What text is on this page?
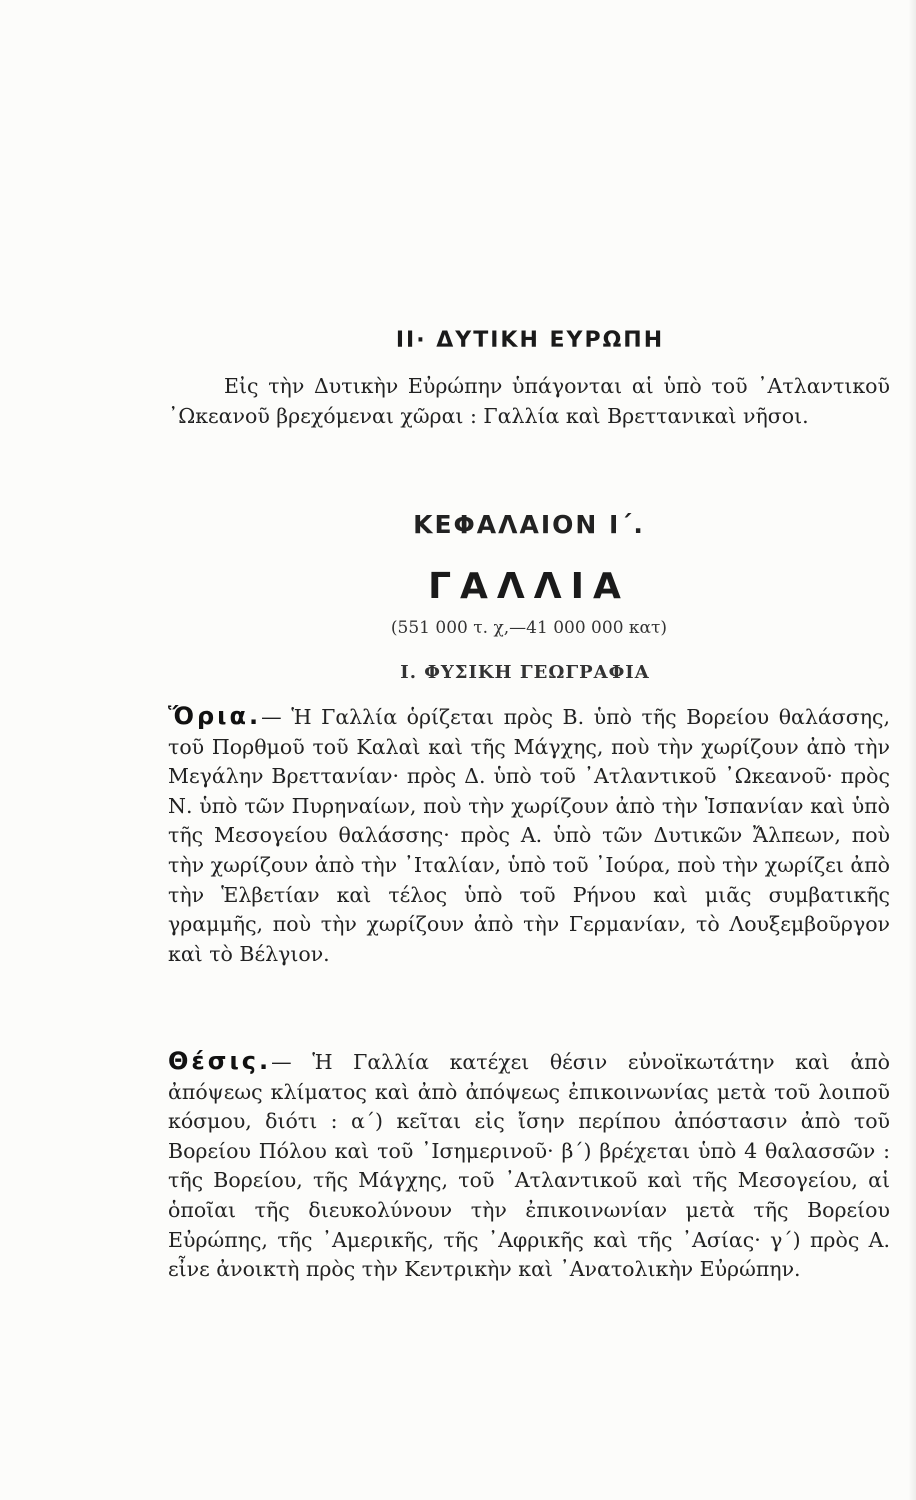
ΙΙ· ΔΥΤΙΚΗ ΕΥΡΩΠΗ

Εἰς τὴν Δυτικὴν Εὐρώπην ὑπάγονται αἱ ὑπὸ τοῦ ᾿Ατλαντικοῦ ᾿Ωκεανοῦ βρεχόμεναι χῶραι : Γαλλία καὶ Βρεττανικαὶ νῆσοι.

ΚΕΦΑΛΑΙΟΝ Ι΄.
ΓΑΛΛΙΑ

(551 000 τ. χ,—41 000 000 κατ)

Ι. ΦΥΣΙΚΗ ΓΕΩΓΡΑΦΙΑ

Ὅρια.— Ἡ Γαλλία ὁρίζεται πρὸς Β. ὑπὸ τῆς Βορείου θαλάσσης, τοῦ Πορθμοῦ τοῦ Καλαὶ καὶ τῆς Μάγχης, ποὺ τὴν χωρίζουν ἀπὸ τὴν Μεγάλην Βρεττανίαν· πρὸς Δ. ὑπὸ τοῦ ᾿Ατλαντικοῦ ᾿Ωκεανοῦ· πρὸς Ν. ὑπὸ τῶν Πυρηναίων, ποὺ τὴν χωρίζουν ἀπὸ τὴν Ἱσπανίαν καὶ ὑπὸ τῆς Μεσογείου θαλάσσης· πρὸς Α. ὑπὸ τῶν Δυτικῶν Ἄλπεων, ποὺ τὴν χωρίζουν ἀπὸ τὴν ᾿Ιταλίαν, ὑπὸ τοῦ ᾿Ιούρα, ποὺ τὴν χωρίζει ἀπὸ τὴν Ἑλβετίαν καὶ τέλος ὑπὸ τοῦ Ρήνου καὶ μιᾶς συμβατικῆς γραμμῆς, ποὺ τὴν χωρίζουν ἀπὸ τὴν Γερμανίαν, τὸ Λουξεμβοῦργον καὶ τὸ Βέλγιον.

Θέσις.— Ἡ Γαλλία κατέχει θέσιν εὐνοϊκωτάτην καὶ ἀπὸ ἀπόψεως κλίματος καὶ ἀπὸ ἀπόψεως ἐπικοινωνίας μετὰ τοῦ λοιποῦ κόσμου, διότι : α΄) κεῖται εἰς ἴσην περίπου ἀπόστασιν ἀπὸ τοῦ Βορείου Πόλου καὶ τοῦ ᾿Ισημερινοῦ· β΄) βρέχεται ὑπὸ 4 θαλασσῶν : τῆς Βορείου, τῆς Μάγχης, τοῦ ᾿Ατλαντικοῦ καὶ τῆς Μεσογείου, αἱ ὁποῖαι τῆς διευκολύνουν τὴν ἐπικοινωνίαν μετὰ τῆς Βορείου Εὐρώπης, τῆς ᾿Αμερικῆς, τῆς ᾿Αφρικῆς καὶ τῆς ᾿Ασίας· γ΄) πρὸς Α. εἶνε ἀνοικτὴ πρὸς τὴν Κεντρικὴν καὶ ᾿Ανατολικὴν Εὐρώπην.
